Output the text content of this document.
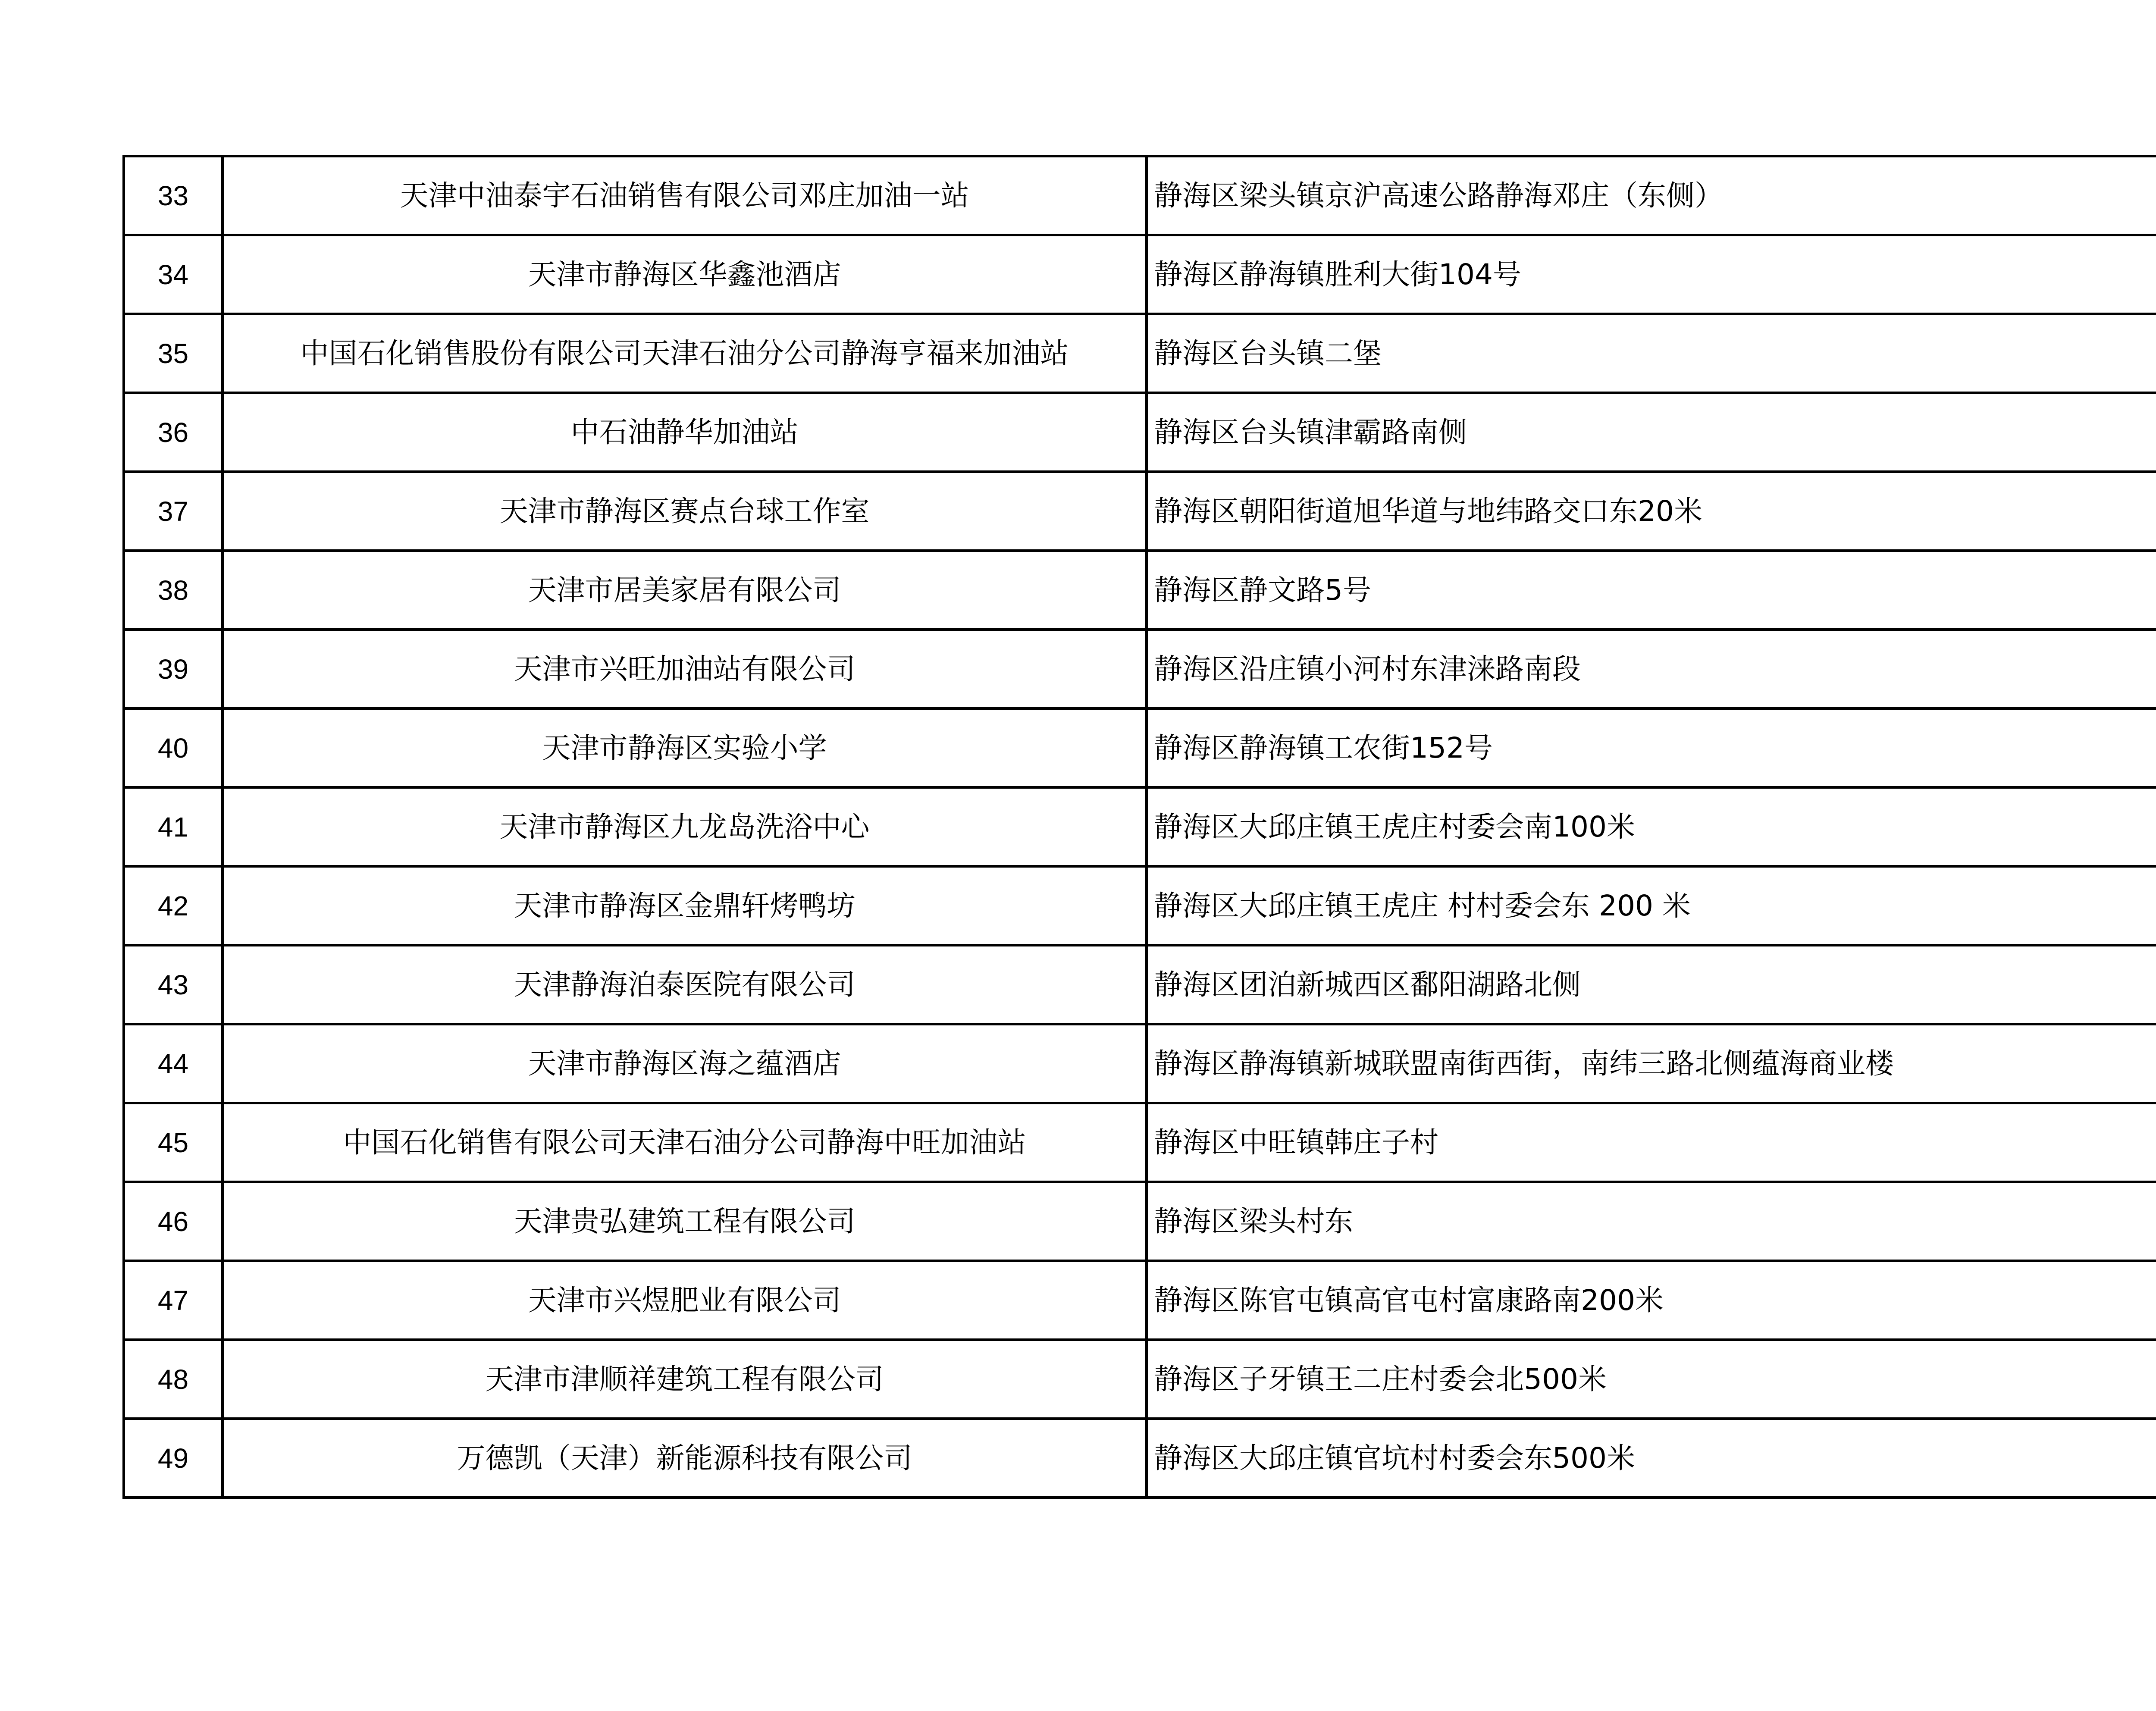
33	天津中油泰宇石油销售有限公司邓庄加油一站	静海区梁头镇京沪高速公路静海邓庄（东侧）	
34	天津市静海区华鑫池酒店	静海区静海镇胜利大街104号	
35	中国石化销售股份有限公司天津石油分公司静海亨福来加油站	静海区台头镇二堡	
36	中石油静华加油站	静海区台头镇津霸路南侧	
37	天津市静海区赛点台球工作室	静海区朝阳街道旭华道与地纬路交口东20米	
38	天津市居美家居有限公司	静海区静文路5号	
39	天津市兴旺加油站有限公司	静海区沿庄镇小河村东津涞路南段	
40	天津市静海区实验小学	静海区静海镇工农街152号	
41	天津市静海区九龙岛洗浴中心	静海区大邱庄镇王虎庄村委会南100米	
42	天津市静海区金鼎轩烤鸭坊	静海区大邱庄镇王虎庄 村村委会东 200 米	
43	天津静海泊泰医院有限公司	静海区团泊新城西区鄱阳湖路北侧	
44	天津市静海区海之蕴酒店	静海区静海镇新城联盟南街西街，南纬三路北侧蕴海商业楼	
45	中国石化销售有限公司天津石油分公司静海中旺加油站	静海区中旺镇韩庄子村	
46	天津贵弘建筑工程有限公司	静海区梁头村东	
47	天津市兴煜肥业有限公司	静海区陈官屯镇高官屯村富康路南200米	
48	天津市津顺祥建筑工程有限公司	静海区子牙镇王二庄村委会北500米	
49	万德凯（天津）新能源科技有限公司	静海区大邱庄镇官坑村村委会东500米	
